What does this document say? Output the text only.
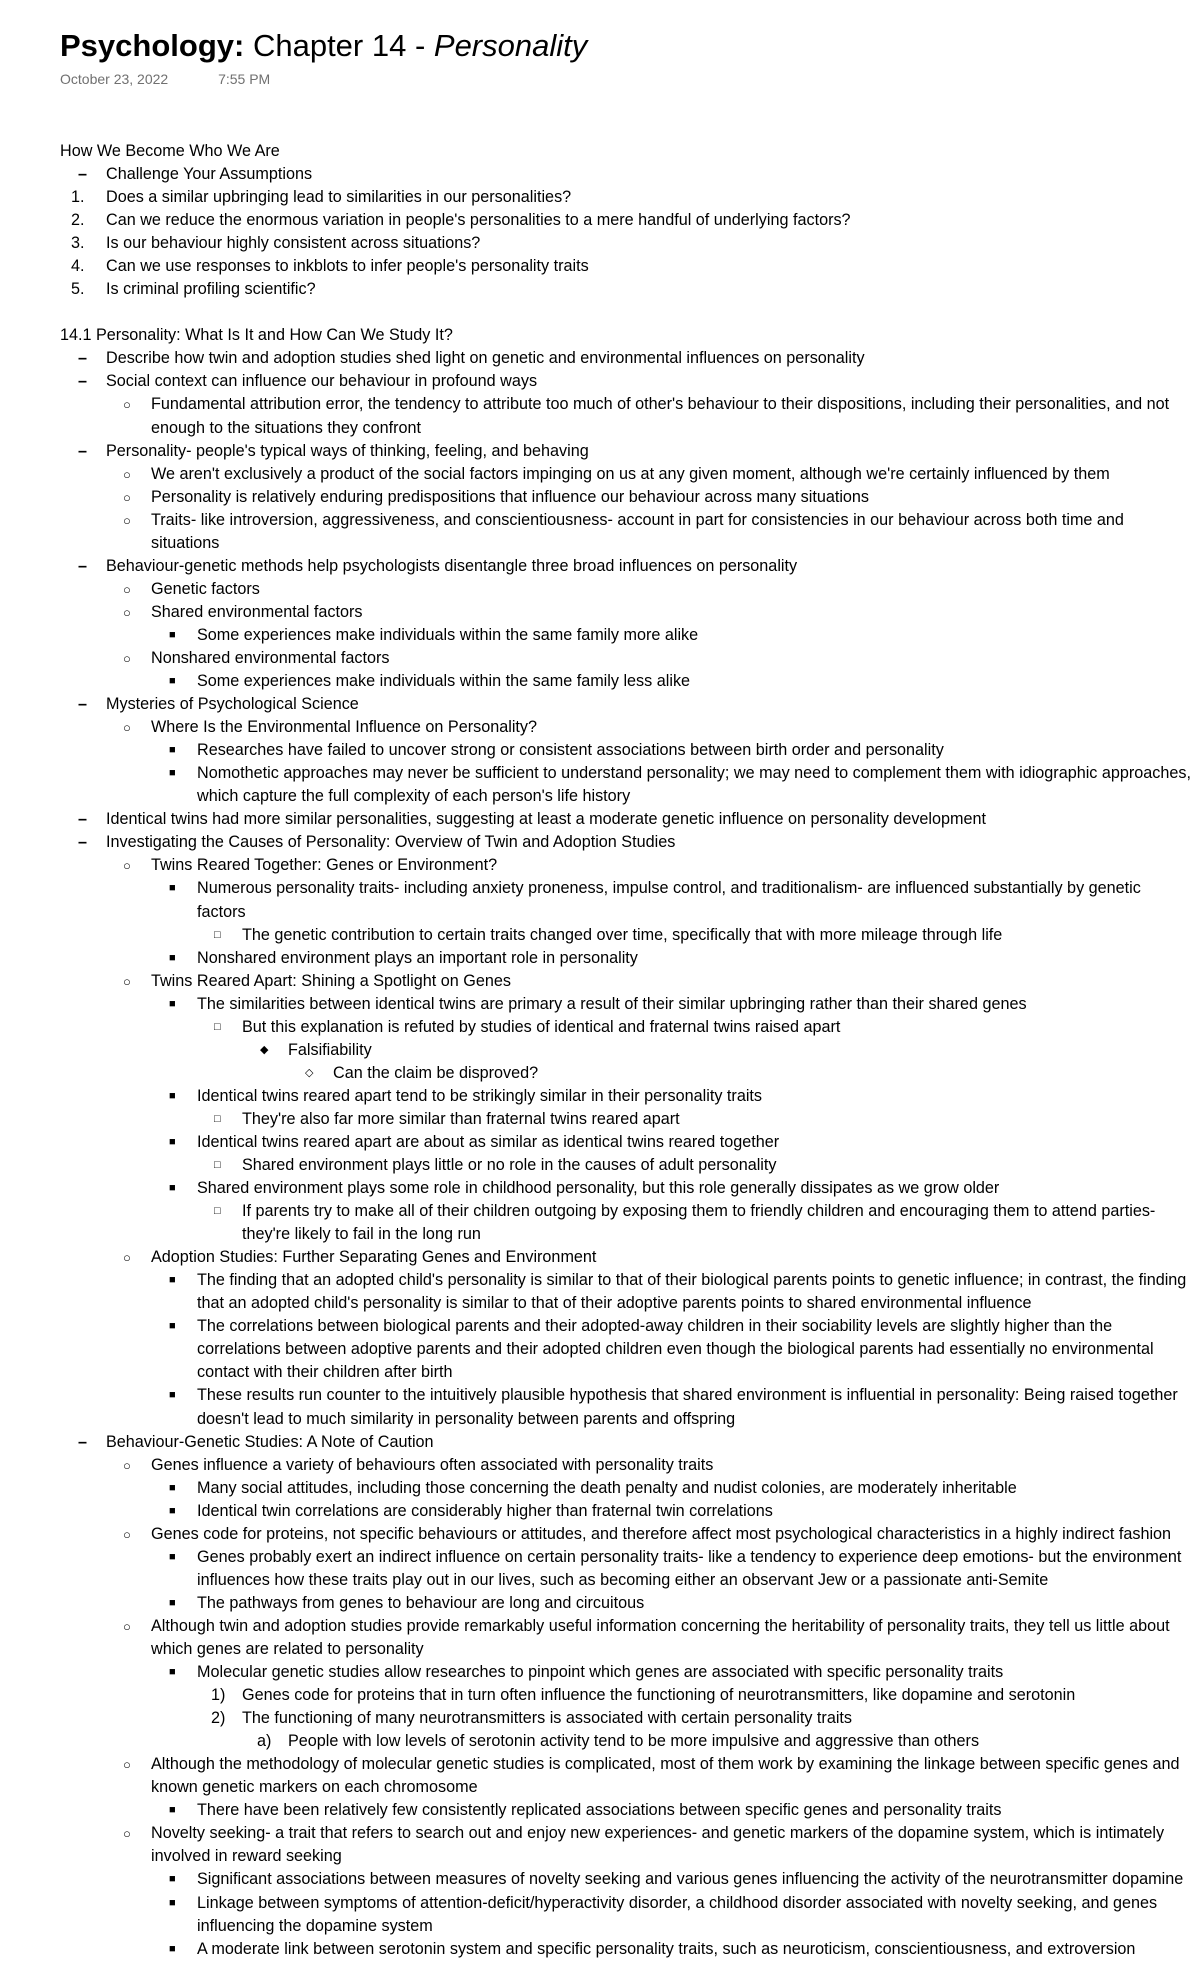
Psychology: Chapter 14 - Personality
October 23, 2022	7:55 PM
How We Become Who We Are
– Challenge Your Assumptions
1. Does a similar upbringing lead to similarities in our personalities?
2. Can we reduce the enormous variation in people's personalities to a mere handful of underlying factors?
3. Is our behaviour highly consistent across situations?
4. Can we use responses to inkblots to infer people's personality traits
5. Is criminal profiling scientific?
14.1 Personality: What Is It and How Can We Study It?
– Describe how twin and adoption studies shed light on genetic and environmental influences on personality
– Social context can influence our behaviour in profound ways
○ Fundamental attribution error, the tendency to attribute too much of other's behaviour to their dispositions, including their personalities, and not enough to the situations they confront
– Personality- people's typical ways of thinking, feeling, and behaving
○ We aren't exclusively a product of the social factors impinging on us at any given moment, although we're certainly influenced by them
○ Personality is relatively enduring predispositions that influence our behaviour across many situations
○ Traits- like introversion, aggressiveness, and conscientiousness- account in part for consistencies in our behaviour across both time and situations
– Behaviour-genetic methods help psychologists disentangle three broad influences on personality
○ Genetic factors
○ Shared environmental factors
■ Some experiences make individuals within the same family more alike
○ Nonshared environmental factors
■ Some experiences make individuals within the same family less alike
– Mysteries of Psychological Science
○ Where Is the Environmental Influence on Personality?
■ Researches have failed to uncover strong or consistent associations between birth order and personality
■ Nomothetic approaches may never be sufficient to understand personality; we may need to complement them with idiographic approaches, which capture the full complexity of each person's life history
– Identical twins had more similar personalities, suggesting at least a moderate genetic influence on personality development
– Investigating the Causes of Personality: Overview of Twin and Adoption Studies
○ Twins Reared Together: Genes or Environment?
■ Numerous personality traits- including anxiety proneness, impulse control, and traditionalism- are influenced substantially by genetic factors
□ The genetic contribution to certain traits changed over time, specifically that with more mileage through life
■ Nonshared environment plays an important role in personality
○ Twins Reared Apart: Shining a Spotlight on Genes
■ The similarities between identical twins are primary a result of their similar upbringing rather than their shared genes
□ But this explanation is refuted by studies of identical and fraternal twins raised apart
◆ Falsifiability
◇ Can the claim be disproved?
■ Identical twins reared apart tend to be strikingly similar in their personality traits
□ They're also far more similar than fraternal twins reared apart
■ Identical twins reared apart are about as similar as identical twins reared together
□ Shared environment plays little or no role in the causes of adult personality
■ Shared environment plays some role in childhood personality, but this role generally dissipates as we grow older
□ If parents try to make all of their children outgoing by exposing them to friendly children and encouraging them to attend parties- they're likely to fail in the long run
○ Adoption Studies: Further Separating Genes and Environment
■ The finding that an adopted child's personality is similar to that of their biological parents points to genetic influence; in contrast, the finding that an adopted child's personality is similar to that of their adoptive parents points to shared environmental influence
■ The correlations between biological parents and their adopted-away children in their sociability levels are slightly higher than the correlations between adoptive parents and their adopted children even though the biological parents had essentially no environmental contact with their children after birth
■ These results run counter to the intuitively plausible hypothesis that shared environment is influential in personality: Being raised together doesn't lead to much similarity in personality between parents and offspring
– Behaviour-Genetic Studies: A Note of Caution
○ Genes influence a variety of behaviours often associated with personality traits
■ Many social attitudes, including those concerning the death penalty and nudist colonies, are moderately inheritable
■ Identical twin correlations are considerably higher than fraternal twin correlations
○ Genes code for proteins, not specific behaviours or attitudes, and therefore affect most psychological characteristics in a highly indirect fashion
■ Genes probably exert an indirect influence on certain personality traits- like a tendency to experience deep emotions- but the environment influences how these traits play out in our lives, such as becoming either an observant Jew or a passionate anti-Semite
■ The pathways from genes to behaviour are long and circuitous
○ Although twin and adoption studies provide remarkably useful information concerning the heritability of personality traits, they tell us little about which genes are related to personality
■ Molecular genetic studies allow researches to pinpoint which genes are associated with specific personality traits
1) Genes code for proteins that in turn often influence the functioning of neurotransmitters, like dopamine and serotonin
2) The functioning of many neurotransmitters is associated with certain personality traits
a) People with low levels of serotonin activity tend to be more impulsive and aggressive than others
○ Although the methodology of molecular genetic studies is complicated, most of them work by examining the linkage between specific genes and known genetic markers on each chromosome
■ There have been relatively few consistently replicated associations between specific genes and personality traits
○ Novelty seeking- a trait that refers to search out and enjoy new experiences- and genetic markers of the dopamine system, which is intimately involved in reward seeking
■ Significant associations between measures of novelty seeking and various genes influencing the activity of the neurotransmitter dopamine
■ Linkage between symptoms of attention-deficit/hyperactivity disorder, a childhood disorder associated with novelty seeking, and genes influencing the dopamine system
■ A moderate link between serotonin system and specific personality traits, such as neuroticism, conscientiousness, and extroversion
